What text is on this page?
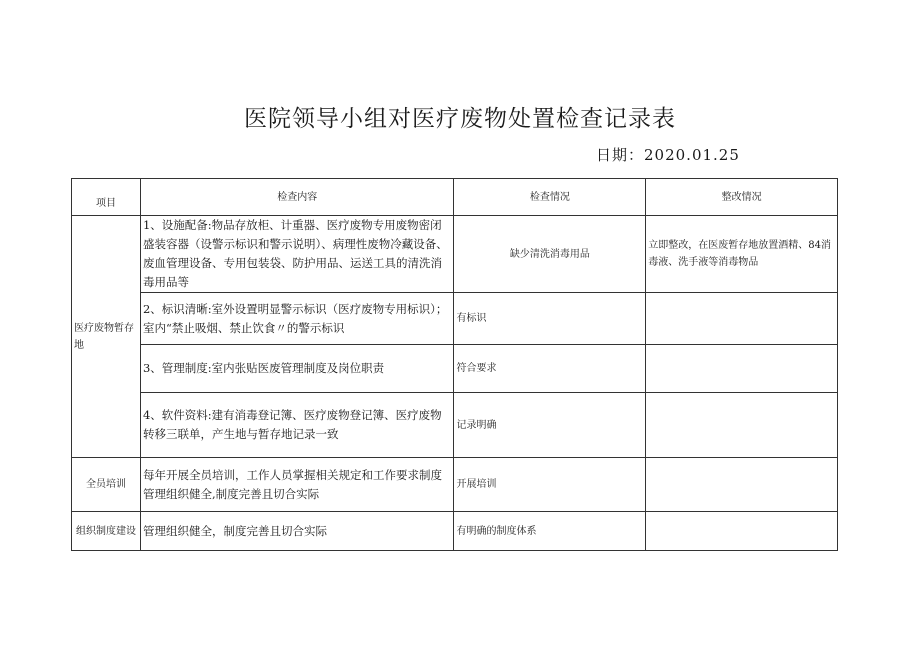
医院领导小组对医疗废物处置检查记录表
日期：2020.01.25
项目	检查内容	检查情况	整改情况
医疗废物暂存地	1、设施配备:物品存放柜、计重器、医疗废物专用废物密闭盛装容器（设警示标识和警示说明）、病理性废物冷藏设备、废血管理设备、专用包装袋、防护用品、运送工具的清洗消毒用品等	缺少清洗消毒用品	立即整改，在医废暂存地放置酒精、84消毒液、洗手液等消毒物品
	2、标识清晰:室外设置明显警示标识（医疗废物专用标识）；室内“禁止吸烟、禁止饮食〃的警示标识	有标识	
	3、管理制度:室内张贴医废管理制度及岗位职责	符合要求	
	4、软件资料:建有消毒登记簿、医疗废物登记簿、医疗废物转移三联单，产生地与暂存地记录一致	记录明确	
全员培训	每年开展全员培训，工作人员掌握相关规定和工作要求制度管理组织健全,制度完善且切合实际	开展培训	
组织制度建设	管理组织健全，制度完善且切合实际	有明确的制度体系	
